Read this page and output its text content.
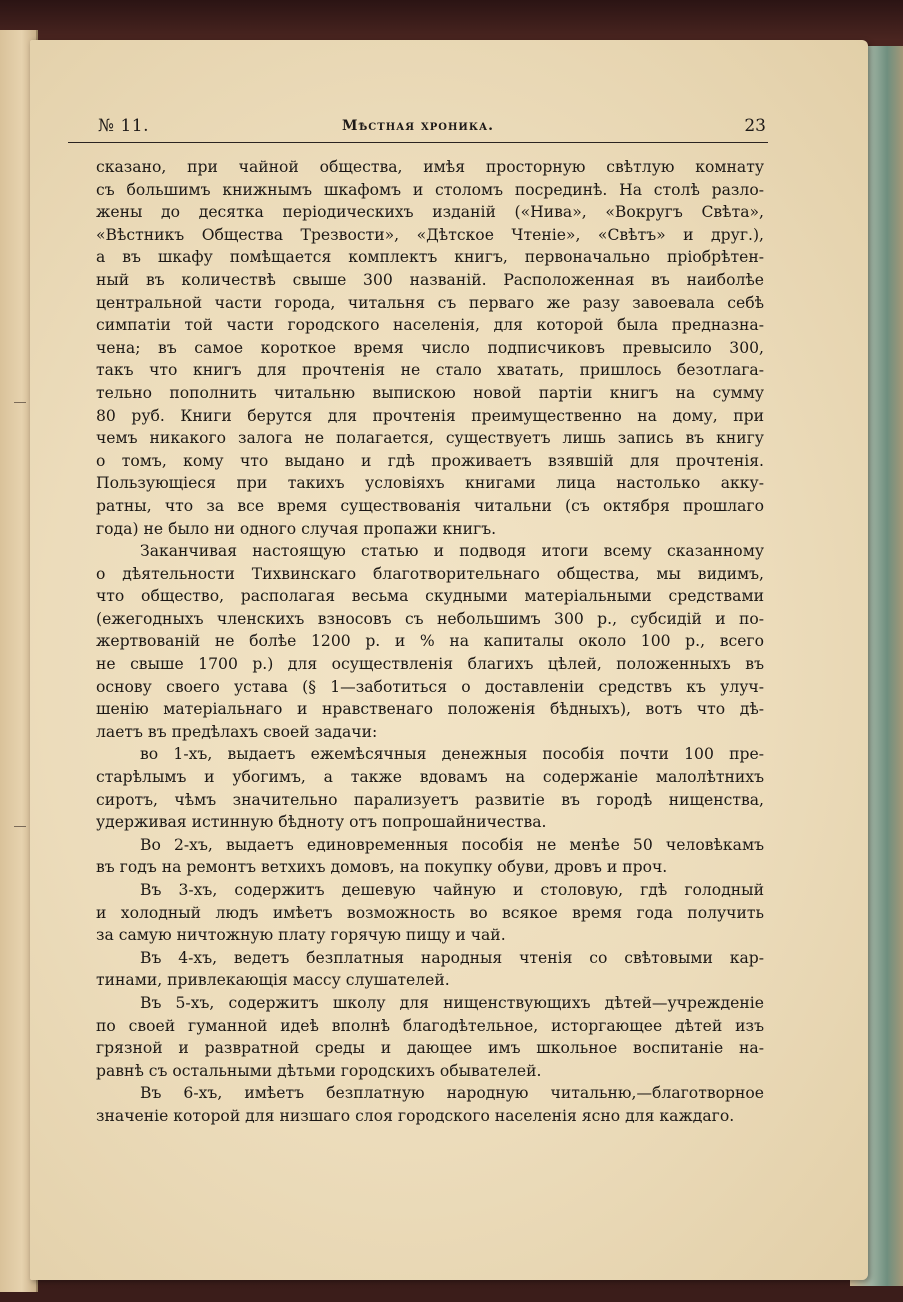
№ 11.	Мѣстная хроника.	23
сказано, при чайной общества, имѣя просторную свѣтлую комнату
съ большимъ книжнымъ шкафомъ и столомъ посрединѣ. На столѣ разло-
жены до десятка періодическихъ изданій («Нива», «Вокругъ Свѣта»,
«Вѣстникъ Общества Трезвости», «Дѣтское Чтеніе», «Свѣтъ» и друг.),
а въ шкафу помѣщается комплектъ книгъ, первоначально пріобрѣтен-
ный въ количествѣ свыше 300 названій. Расположенная въ наиболѣе
центральной части города, читальня съ перваго же разу завоевала себѣ
симпатіи той части городского населенія, для которой была предназна-
чена; въ самое короткое время число подписчиковъ превысило 300,
такъ что книгъ для прочтенія не стало хватать, пришлось безотлага-
тельно пополнить читальню выпискою новой партіи книгъ на сумму
80 руб. Книги берутся для прочтенія преимущественно на дому, при
чемъ никакого залога не полагается, существуетъ лишь запись въ книгу
о томъ, кому что выдано и гдѣ проживаетъ взявшій для прочтенія.
Пользующіеся при такихъ условіяхъ книгами лица настолько акку-
ратны, что за все время существованія читальни (съ октября прошлаго
года) не было ни одного случая пропажи книгъ.
Заканчивая настоящую статью и подводя итоги всему сказанному
о дѣятельности Тихвинскаго благотворительнаго общества, мы видимъ,
что общество, располагая весьма скудными матеріальными средствами
(ежегодныхъ членскихъ взносовъ съ небольшимъ 300 р., субсидій и по-
жертвованій не болѣе 1200 р. и % на капиталы около 100 р., всего
не свыше 1700 р.) для осуществленія благихъ цѣлей, положенныхъ въ
основу своего устава (§ 1—заботиться о доставленіи средствъ къ улуч-
шенію матеріальнаго и нравственаго положенія бѣдныхъ), вотъ что дѣ-
лаетъ въ предѣлахъ своей задачи:
во 1-хъ, выдаетъ ежемѣсячныя денежныя пособія почти 100 пре-
старѣлымъ и убогимъ, а также вдовамъ на содержаніе малолѣтнихъ
сиротъ, чѣмъ значительно парализуетъ развитіе въ городѣ нищенства,
удерживая истинную бѣдноту отъ попрошайничества.
Во 2-хъ, выдаетъ единовременныя пособія не менѣе 50 человѣкамъ
въ годъ на ремонтъ ветхихъ домовъ, на покупку обуви, дровъ и проч.
Въ 3-хъ, содержитъ дешевую чайную и столовую, гдѣ голодный
и холодный людъ имѣетъ возможность во всякое время года получить
за самую ничтожную плату горячую пищу и чай.
Въ 4-хъ, ведетъ безплатныя народныя чтенія со свѣтовыми кар-
тинами, привлекающія массу слушателей.
Въ 5-хъ, содержитъ школу для нищенствующихъ дѣтей—учрежденіе
по своей гуманной идеѣ вполнѣ благодѣтельное, исторгающее дѣтей изъ
грязной и развратной среды и дающее имъ школьное воспитаніе на-
равнѣ съ остальными дѣтьми городскихъ обывателей.
Въ 6-хъ, имѣетъ безплатную народную читальню,—благотворное
значеніе которой для низшаго слоя городского населенія ясно для каждаго.
